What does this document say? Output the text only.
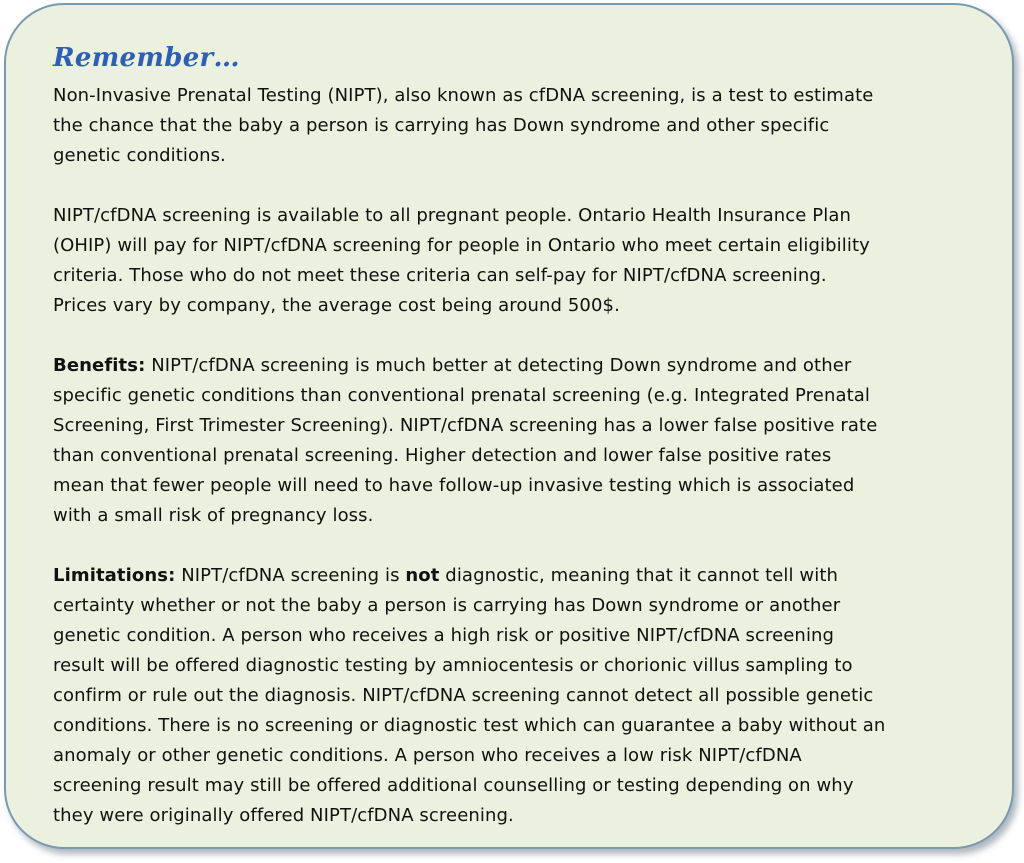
Remember…

Non-Invasive Prenatal Testing (NIPT), also known as cfDNA screening, is a test to estimate
the chance that the baby a person is carrying has Down syndrome and other specific
genetic conditions.

NIPT/cfDNA screening is available to all pregnant people. Ontario Health Insurance Plan
(OHIP) will pay for NIPT/cfDNA screening for people in Ontario who meet certain eligibility
criteria. Those who do not meet these criteria can self-pay for NIPT/cfDNA screening.
Prices vary by company, the average cost being around 500$.

Benefits: NIPT/cfDNA screening is much better at detecting Down syndrome and other
specific genetic conditions than conventional prenatal screening (e.g. Integrated Prenatal
Screening, First Trimester Screening). NIPT/cfDNA screening has a lower false positive rate
than conventional prenatal screening. Higher detection and lower false positive rates
mean that fewer people will need to have follow-up invasive testing which is associated
with a small risk of pregnancy loss.

Limitations: NIPT/cfDNA screening is not diagnostic, meaning that it cannot tell with
certainty whether or not the baby a person is carrying has Down syndrome or another
genetic condition. A person who receives a high risk or positive NIPT/cfDNA screening
result will be offered diagnostic testing by amniocentesis or chorionic villus sampling to
confirm or rule out the diagnosis. NIPT/cfDNA screening cannot detect all possible genetic
conditions. There is no screening or diagnostic test which can guarantee a baby without an
anomaly or other genetic conditions. A person who receives a low risk NIPT/cfDNA
screening result may still be offered additional counselling or testing depending on why
they were originally offered NIPT/cfDNA screening.
